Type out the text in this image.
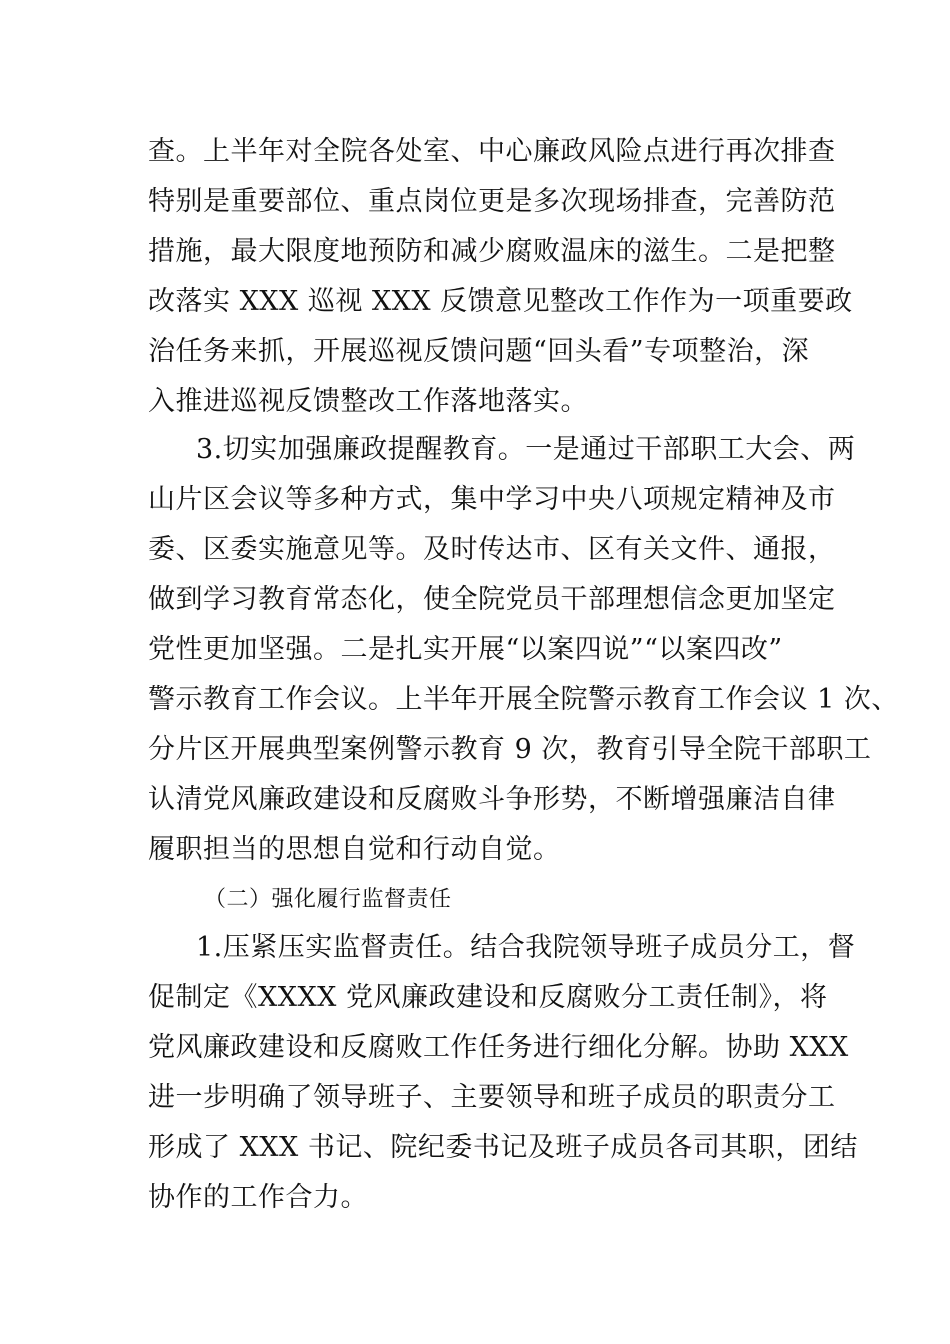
查。上半年对全院各处室、中心廉政风险点进行再次排查
特别是重要部位、重点岗位更是多次现场排查，完善防范
措施，最大限度地预防和减少腐败温床的滋生。二是把整
改落实 XXX 巡视 XXX 反馈意见整改工作作为一项重要政
治任务来抓，开展巡视反馈问题“回头看”专项整治，深
入推进巡视反馈整改工作落地落实。
3.切实加强廉政提醒教育。一是通过干部职工大会、两
山片区会议等多种方式，集中学习中央八项规定精神及市
委、区委实施意见等。及时传达市、区有关文件、通报，
做到学习教育常态化，使全院党员干部理想信念更加坚定
党性更加坚强。二是扎实开展“以案四说”“以案四改”
警示教育工作会议。上半年开展全院警示教育工作会议 1 次、
分片区开展典型案例警示教育 9 次，教育引导全院干部职工
认清党风廉政建设和反腐败斗争形势，不断增强廉洁自律
履职担当的思想自觉和行动自觉。
（二）强化履行监督责任
1.压紧压实监督责任。结合我院领导班子成员分工，督
促制定《XXXX 党风廉政建设和反腐败分工责任制》，将
党风廉政建设和反腐败工作任务进行细化分解。协助 XXX
进一步明确了领导班子、主要领导和班子成员的职责分工
形成了 XXX 书记、院纪委书记及班子成员各司其职，团结
协作的工作合力。
